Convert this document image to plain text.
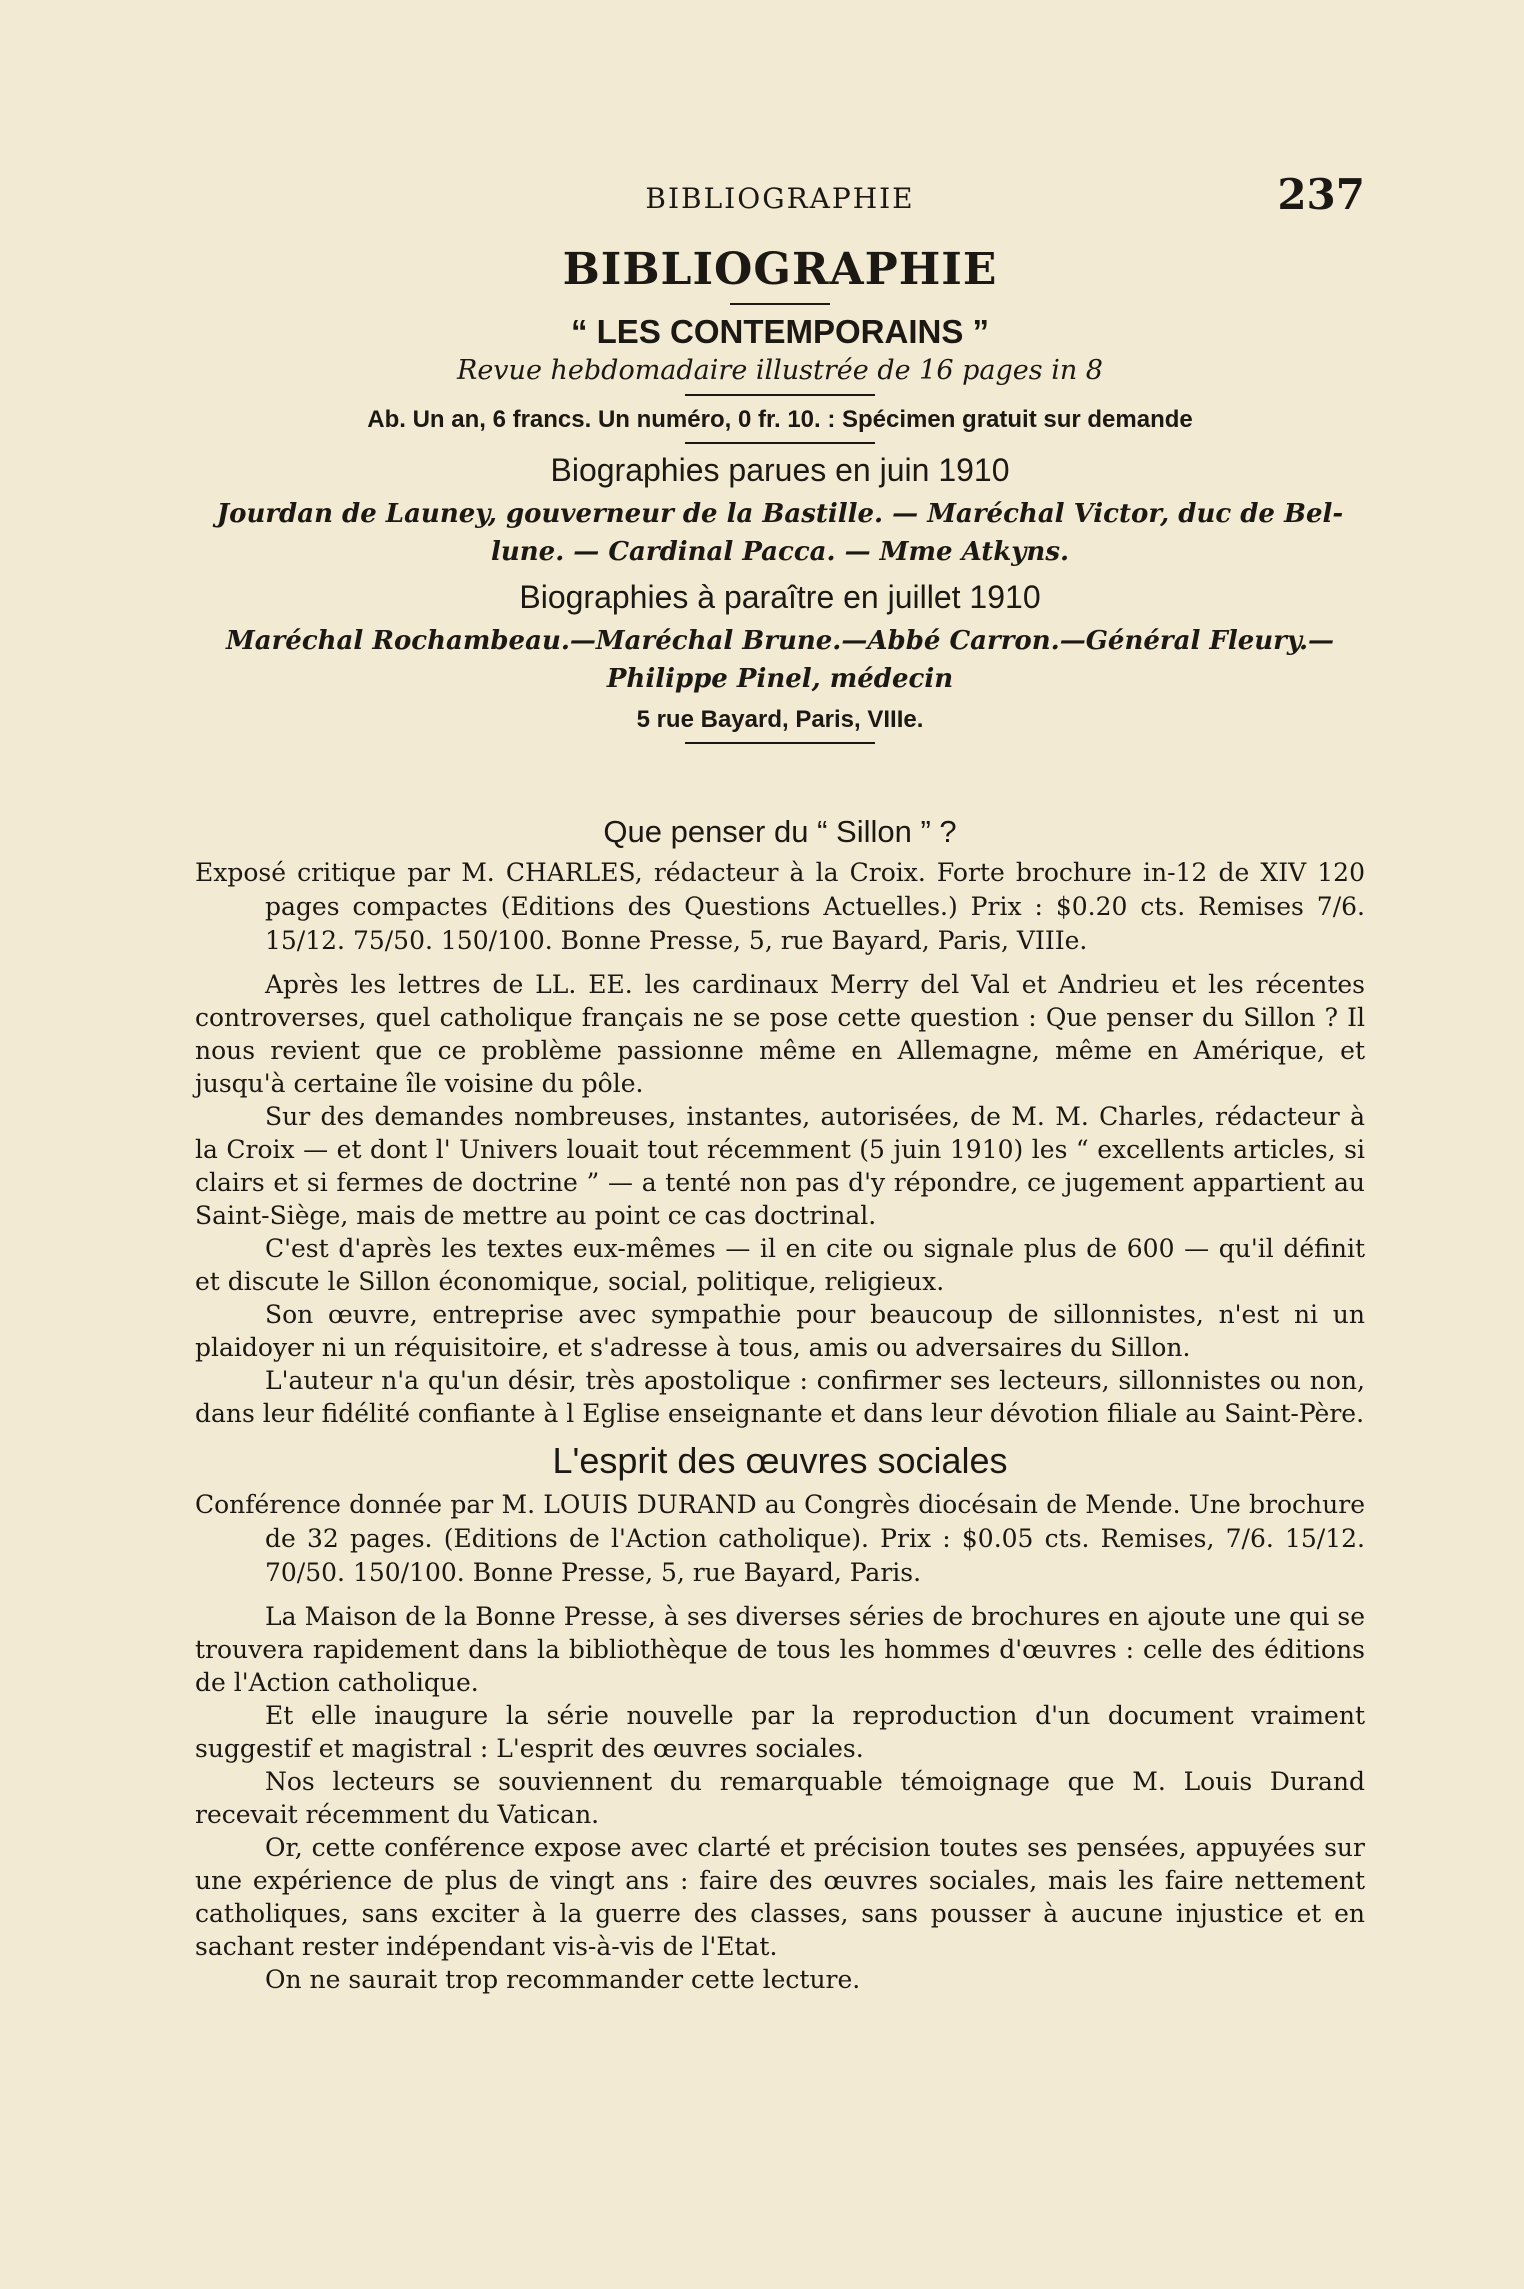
BIBLIOGRAPHIE	237
BIBLIOGRAPHIE
“ LES CONTEMPORAINS ”
Revue hebdomadaire illustrée de 16 pages in 8
Ab. Un an, 6 francs. Un numéro, 0 fr. 10. : Spécimen gratuit sur demande
Biographies parues en juin 1910
Jourdan de Launey, gouverneur de la Bastille. — Maréchal Victor, duc de Bel-lune. — Cardinal Pacca. — Mme Atkyns.
Biographies à paraître en juillet 1910
Maréchal Rochambeau.—Maréchal Brune.—Abbé Carron.—Général Fleury.— Philippe Pinel, médecin
5 rue Bayard, Paris, VIIIe.
Que penser du “ Sillon ” ?
Exposé critique par M. CHARLES, rédacteur à la Croix. Forte brochure in-12 de XIV 120 pages compactes (Editions des Questions Actuelles.) Prix : $0.20 cts. Remises 7/6. 15/12. 75/50. 150/100. Bonne Presse, 5, rue Bayard, Paris, VIIIe.
Après les lettres de LL. EE. les cardinaux Merry del Val et Andrieu et les récentes controverses, quel catholique français ne se pose cette question : Que penser du Sillon ? Il nous revient que ce problème passionne même en Allemagne, même en Amérique, et jusqu'à certaine île voisine du pôle.
Sur des demandes nombreuses, instantes, autorisées, de M. M. Charles, rédacteur à la Croix — et dont l' Univers louait tout récemment (5 juin 1910) les “ excellents articles, si clairs et si fermes de doctrine ” — a tenté non pas d'y répondre, ce jugement appartient au Saint-Siège, mais de mettre au point ce cas doctrinal.
C'est d'après les textes eux-mêmes — il en cite ou signale plus de 600 — qu'il définit et discute le Sillon économique, social, politique, religieux.
Son œuvre, entreprise avec sympathie pour beaucoup de sillonnistes, n'est ni un plaidoyer ni un réquisitoire, et s'adresse à tous, amis ou adversaires du Sillon.
L'auteur n'a qu'un désir, très apostolique : confirmer ses lecteurs, sillonnistes ou non, dans leur fidélité confiante à l Eglise enseignante et dans leur dévotion filiale au Saint-Père.
L'esprit des œuvres sociales
Conférence donnée par M. LOUIS DURAND au Congrès diocésain de Mende. Une brochure de 32 pages. (Editions de l'Action catholique). Prix : $0.05 cts. Remises, 7/6. 15/12. 70/50. 150/100. Bonne Presse, 5, rue Bayard, Paris.
La Maison de la Bonne Presse, à ses diverses séries de brochures en ajoute une qui se trouvera rapidement dans la bibliothèque de tous les hommes d'œuvres : celle des éditions de l'Action catholique.
Et elle inaugure la série nouvelle par la reproduction d'un document vraiment suggestif et magistral : L'esprit des œuvres sociales.
Nos lecteurs se souviennent du remarquable témoignage que M. Louis Durand recevait récemment du Vatican.
Or, cette conférence expose avec clarté et précision toutes ses pensées, appuyées sur une expérience de plus de vingt ans : faire des œuvres sociales, mais les faire nettement catholiques, sans exciter à la guerre des classes, sans pousser à aucune injustice et en sachant rester indépendant vis-à-vis de l'Etat.
On ne saurait trop recommander cette lecture.
